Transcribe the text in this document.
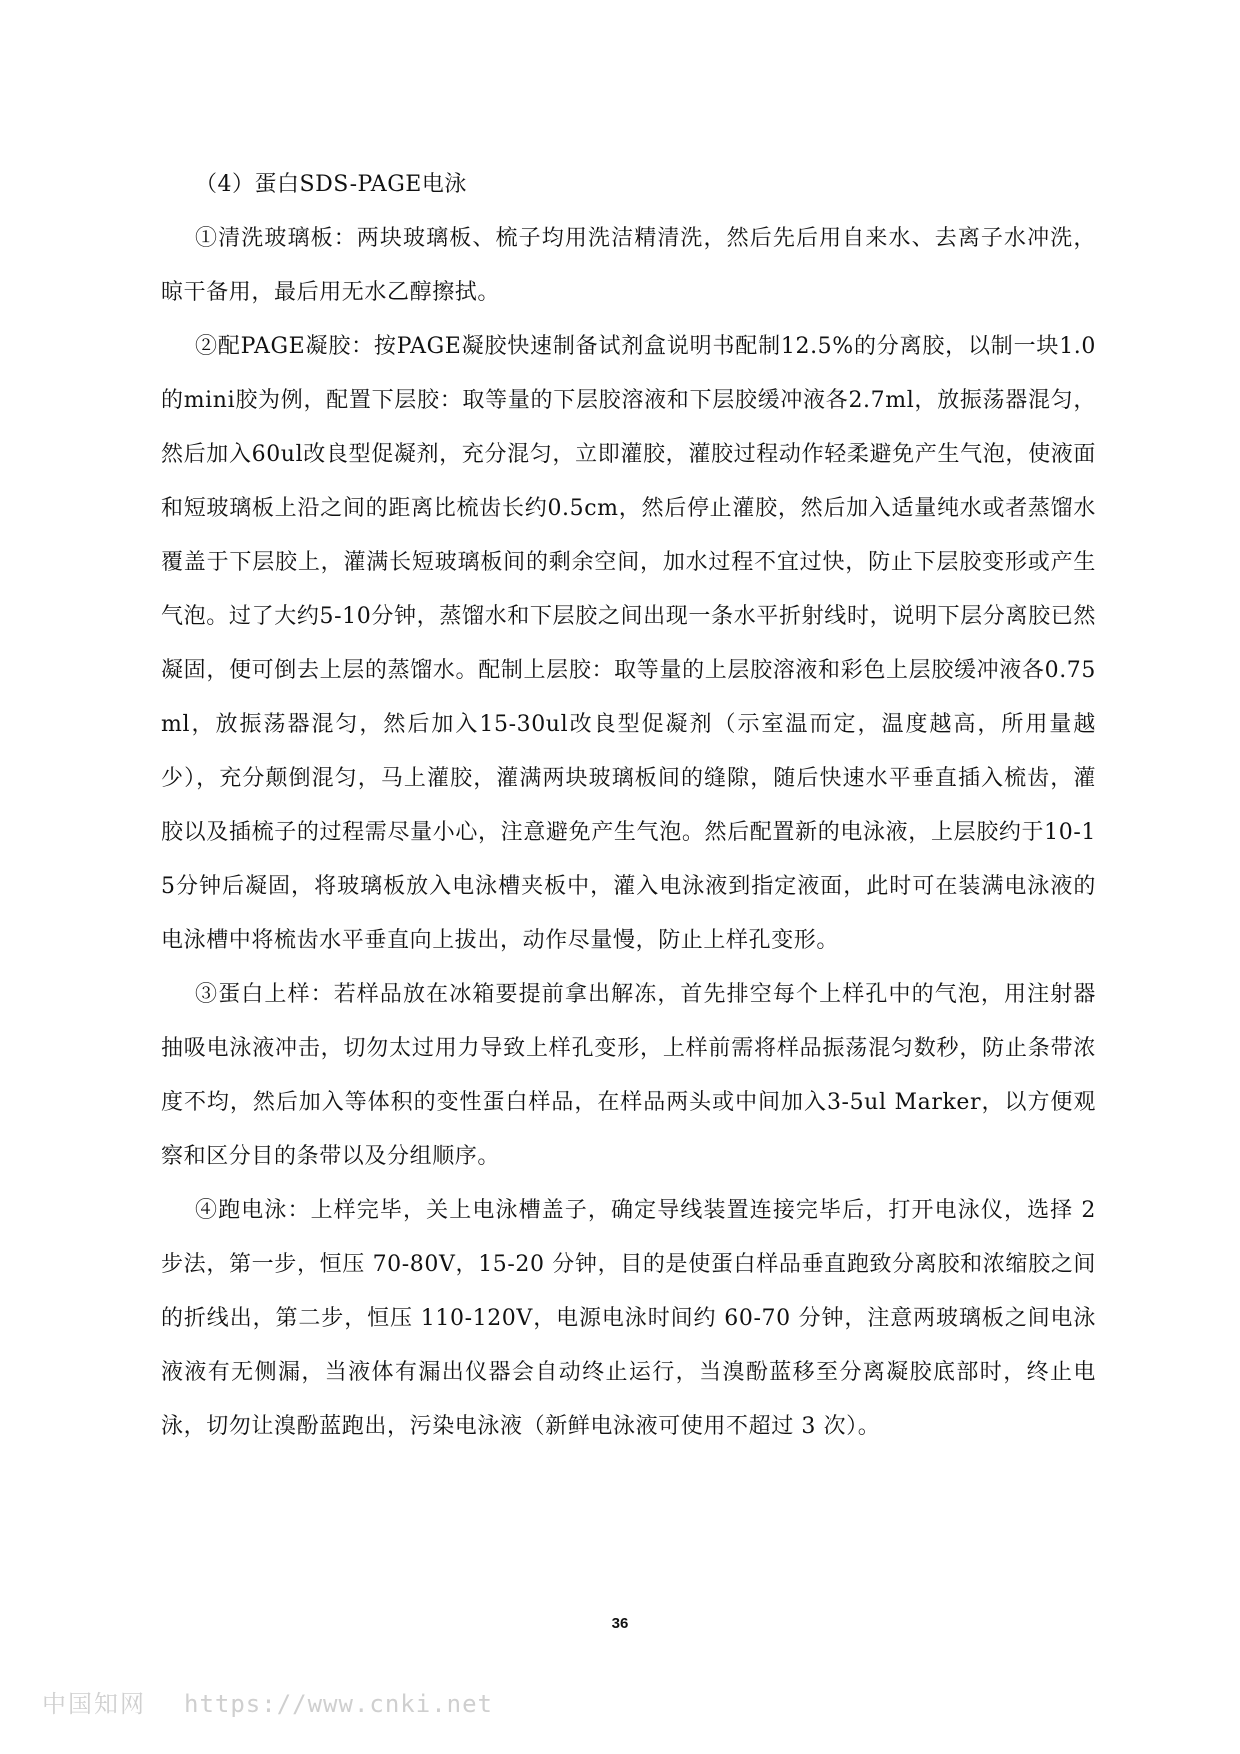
（4）蛋白SDS-PAGE电泳

①清洗玻璃板：两块玻璃板、梳子均用洗洁精清洗，然后先后用自来水、去离子水冲洗，晾干备用，最后用无水乙醇擦拭。

②配PAGE凝胶：按PAGE凝胶快速制备试剂盒说明书配制12.5%的分离胶，以制一块1.0的mini胶为例，配置下层胶：取等量的下层胶溶液和下层胶缓冲液各2.7ml，放振荡器混匀，然后加入60ul改良型促凝剂，充分混匀，立即灌胶，灌胶过程动作轻柔避免产生气泡，使液面和短玻璃板上沿之间的距离比梳齿长约0.5cm，然后停止灌胶，然后加入适量纯水或者蒸馏水覆盖于下层胶上，灌满长短玻璃板间的剩余空间，加水过程不宜过快，防止下层胶变形或产生气泡。过了大约5-10分钟，蒸馏水和下层胶之间出现一条水平折射线时，说明下层分离胶已然凝固，便可倒去上层的蒸馏水。配制上层胶：取等量的上层胶溶液和彩色上层胶缓冲液各0.75ml，放振荡器混匀，然后加入15-30ul改良型促凝剂（示室温而定，温度越高，所用量越少），充分颠倒混匀，马上灌胶，灌满两块玻璃板间的缝隙，随后快速水平垂直插入梳齿，灌胶以及插梳子的过程需尽量小心，注意避免产生气泡。然后配置新的电泳液，上层胶约于10-15分钟后凝固，将玻璃板放入电泳槽夹板中，灌入电泳液到指定液面，此时可在装满电泳液的电泳槽中将梳齿水平垂直向上拔出，动作尽量慢，防止上样孔变形。

③蛋白上样：若样品放在冰箱要提前拿出解冻，首先排空每个上样孔中的气泡，用注射器抽吸电泳液冲击，切勿太过用力导致上样孔变形，上样前需将样品振荡混匀数秒，防止条带浓度不均，然后加入等体积的变性蛋白样品，在样品两头或中间加入3-5ul Marker，以方便观察和区分目的条带以及分组顺序。

④跑电泳：上样完毕，关上电泳槽盖子，确定导线装置连接完毕后，打开电泳仪，选择 2 步法，第一步，恒压 70-80V，15-20 分钟，目的是使蛋白样品垂直跑致分离胶和浓缩胶之间的折线出，第二步，恒压 110-120V，电源电泳时间约 60-70 分钟，注意两玻璃板之间电泳液液有无侧漏，当液体有漏出仪器会自动终止运行，当溴酚蓝移至分离凝胶底部时，终止电泳，切勿让溴酚蓝跑出，污染电泳液（新鲜电泳液可使用不超过 3 次）。

36
中国知网 https://www.cnki.net
